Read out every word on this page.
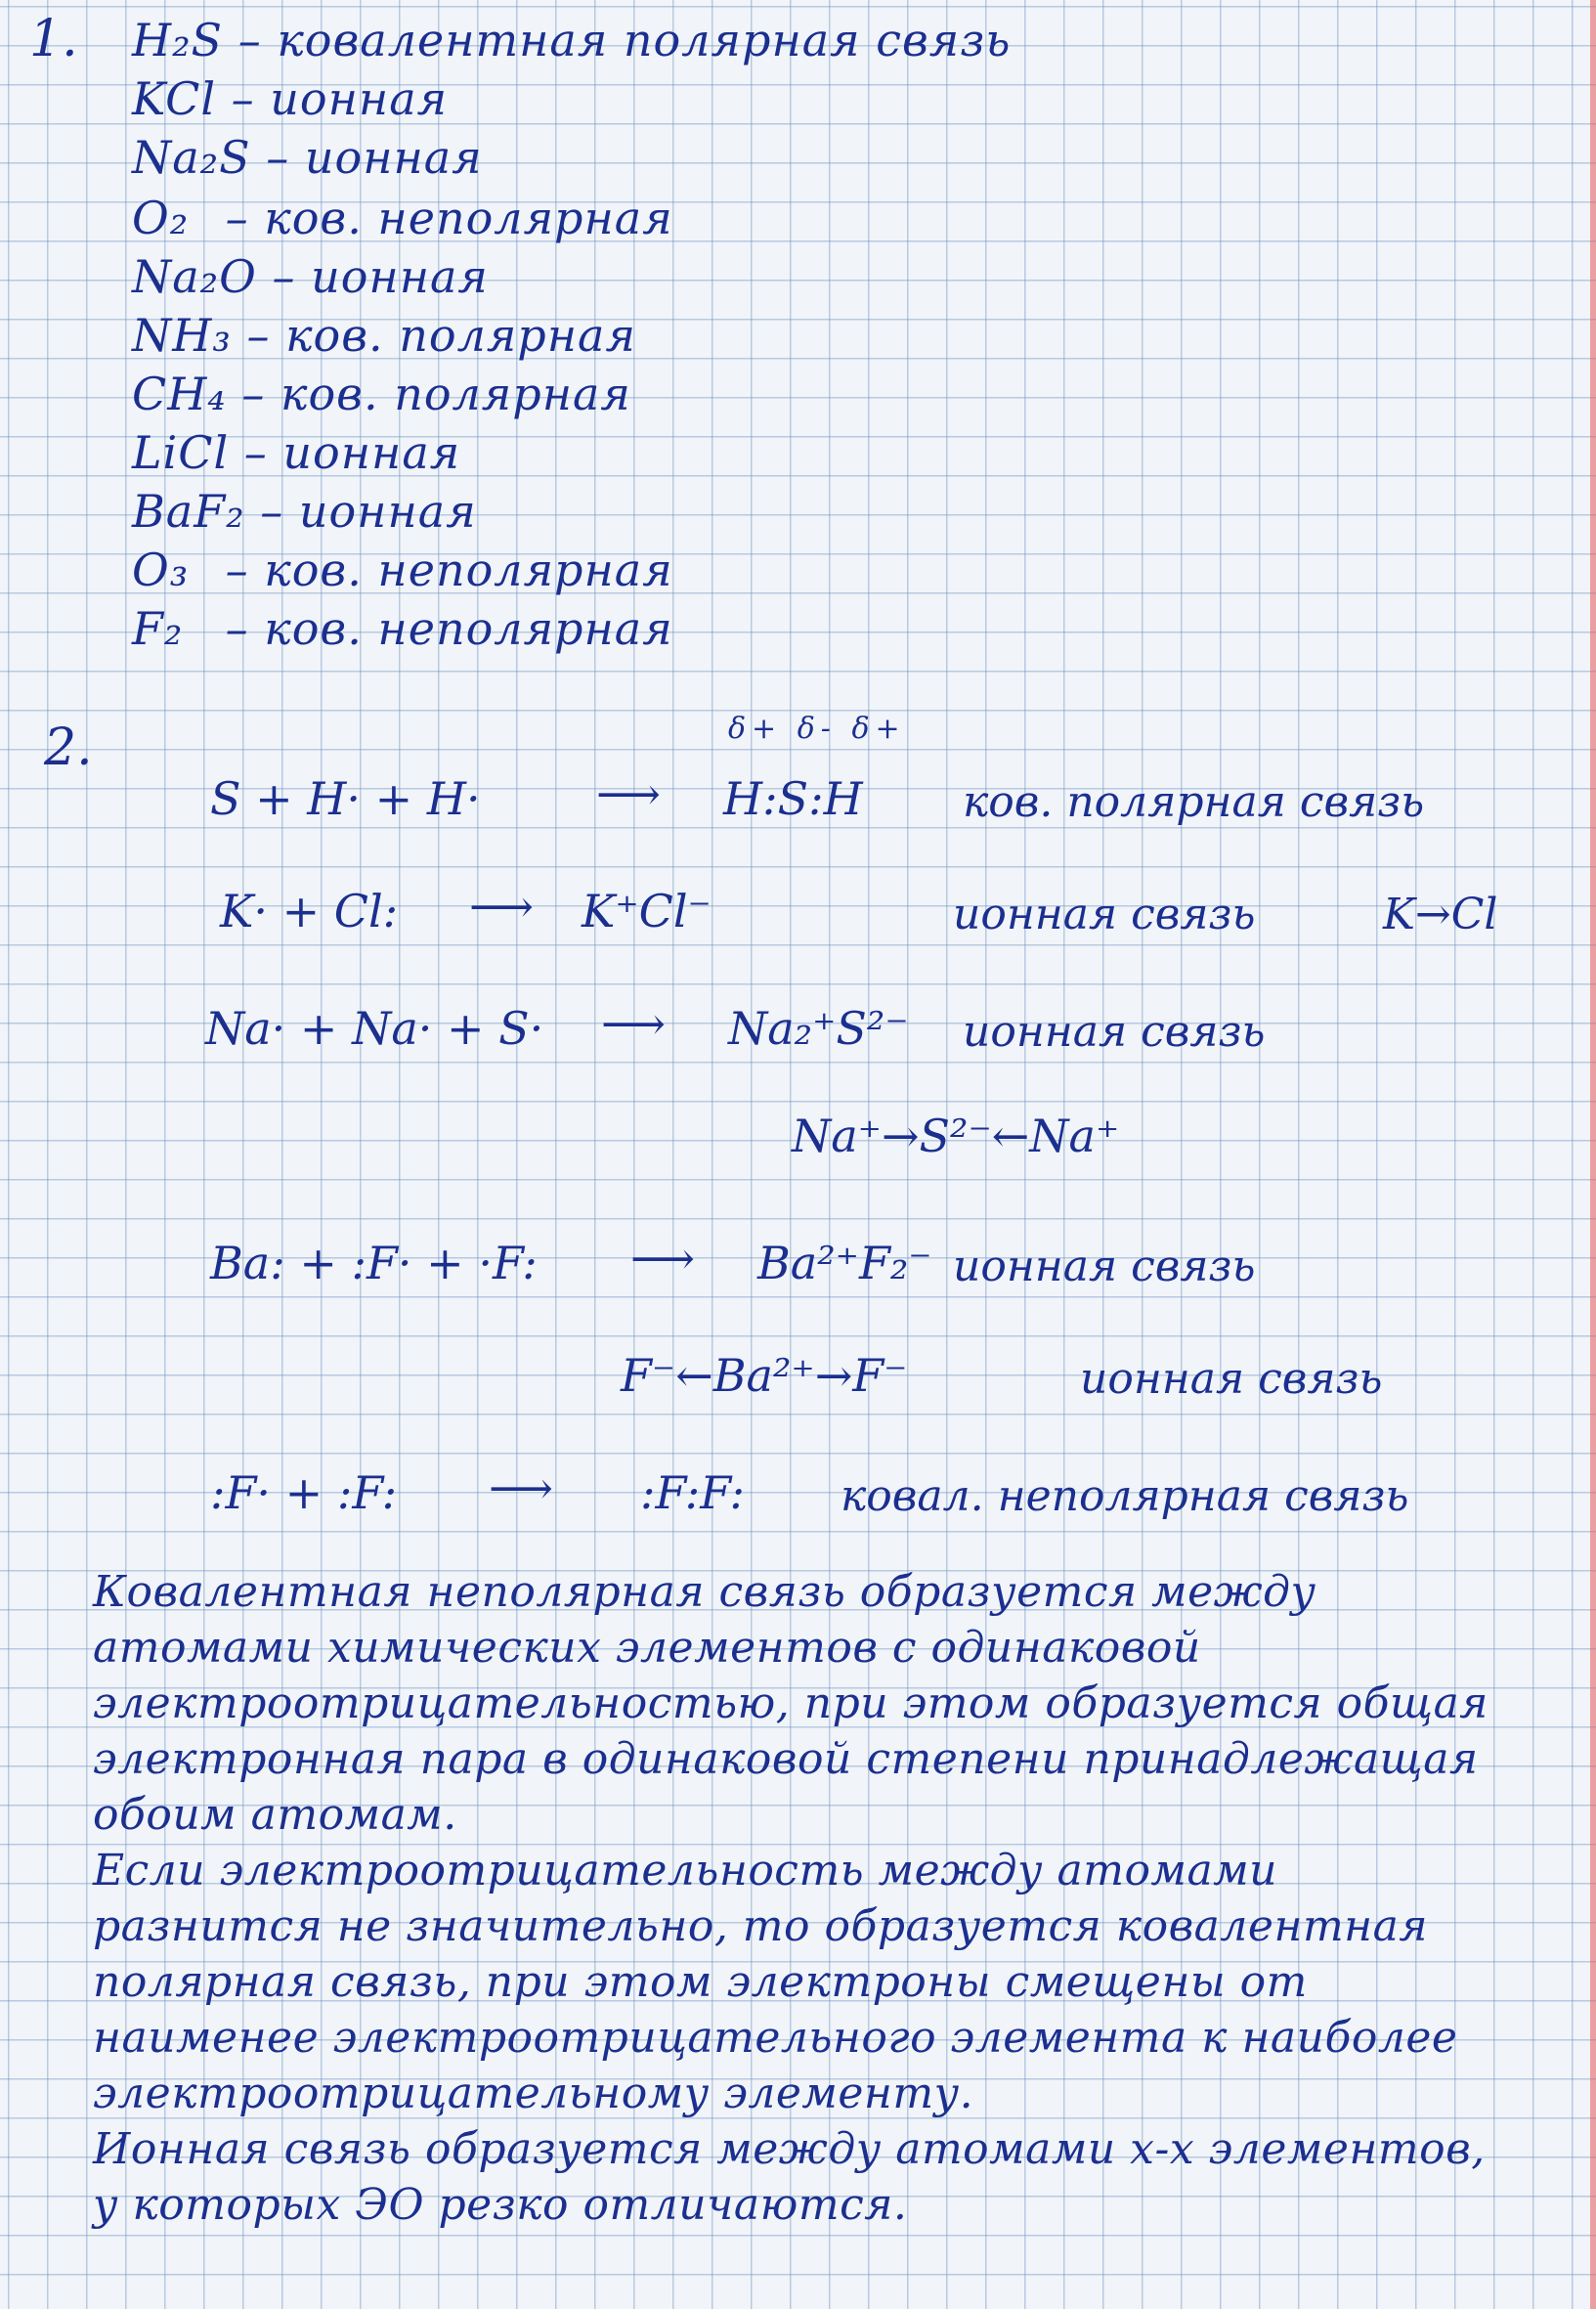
1. H₂S – ковалентная полярная связь
KCl – ионная
Na₂S – ионная
O₂ – ков. неполярная
Na₂O – ионная
NH₃ – ков. полярная
CH₄ – ков. полярная
LiCl – ионная
BaF₂ – ионная
O₃ – ков. неполярная
F₂ – ков. неполярная
2.
S + H· + H·	⟶
δ+ δ- δ+
H:S:H ков. полярная связь
K· + Cl: ⟶ K⁺Cl⁻	ионная связь	K→Cl
Na· + Na· + S· ⟶ Na₂⁺S²⁻ ионная связь
Na⁺→S²⁻←Na⁺
Ba: + :F· + ·F: ⟶ Ba²⁺F₂⁻ ионная связь
F⁻←Ba²⁺→F⁻	ионная связь
:F· + :F: ⟶ :F:F: ковал. неполярная связь

Ковалентная неполярная связь образуется между атомами химических элементов с одинаковой электроотрицательностью, при этом образуется общая электронная пара в одинаковой степени принадлежащая обоим атомам.

Если электроотрицательность между атомами разнится не значительно, то образуется ковалентная полярная связь, при этом электроны смещены от наименее электроотрицательного элемента к наиболее электроотрицательному элементу.

Ионная связь образуется между атомами х-х элементов, у которых ЭО резко отличаются.
